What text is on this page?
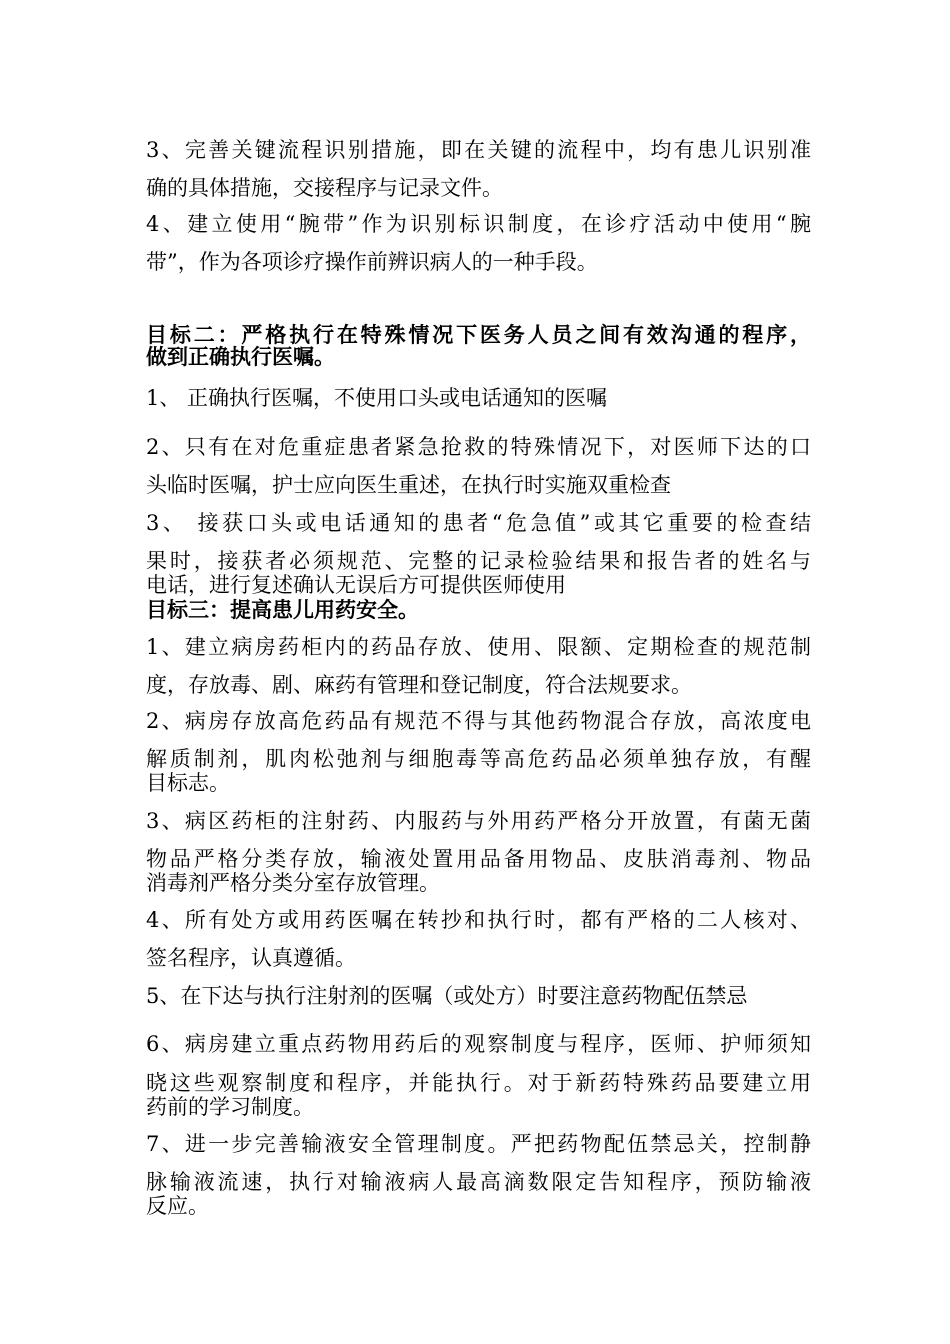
3、完善关键流程识别措施，即在关键的流程中，均有患儿识别准
确的具体措施，交接程序与记录文件。
4、建立使用“腕带”作为识别标识制度，在诊疗活动中使用“腕
带”，作为各项诊疗操作前辨识病人的一种手段。
目标二：严格执行在特殊情况下医务人员之间有效沟通的程序，
做到正确执行医嘱。
1、 正确执行医嘱，不使用口头或电话通知的医嘱
2、只有在对危重症患者紧急抢救的特殊情况下，对医师下达的口
头临时医嘱，护士应向医生重述，在执行时实施双重检查
3、 接获口头或电话通知的患者“危急值”或其它重要的检查结
果时，接获者必须规范、完整的记录检验结果和报告者的姓名与
电话，进行复述确认无误后方可提供医师使用
目标三：提高患儿用药安全。
1、建立病房药柜内的药品存放、使用、限额、定期检查的规范制
度，存放毒、剧、麻药有管理和登记制度，符合法规要求。
2、病房存放高危药品有规范不得与其他药物混合存放，高浓度电
解质制剂，肌肉松弛剂与细胞毒等高危药品必须单独存放，有醒
目标志。
3、病区药柜的注射药、内服药与外用药严格分开放置，有菌无菌
物品严格分类存放，输液处置用品备用物品、皮肤消毒剂、物品
消毒剂严格分类分室存放管理。
4、所有处方或用药医嘱在转抄和执行时，都有严格的二人核对、
签名程序，认真遵循。
5、在下达与执行注射剂的医嘱（或处方）时要注意药物配伍禁忌
6、病房建立重点药物用药后的观察制度与程序，医师、护师须知
晓这些观察制度和程序，并能执行。对于新药特殊药品要建立用
药前的学习制度。
7、进一步完善输液安全管理制度。严把药物配伍禁忌关，控制静
脉输液流速，执行对输液病人最高滴数限定告知程序，预防输液
反应。
